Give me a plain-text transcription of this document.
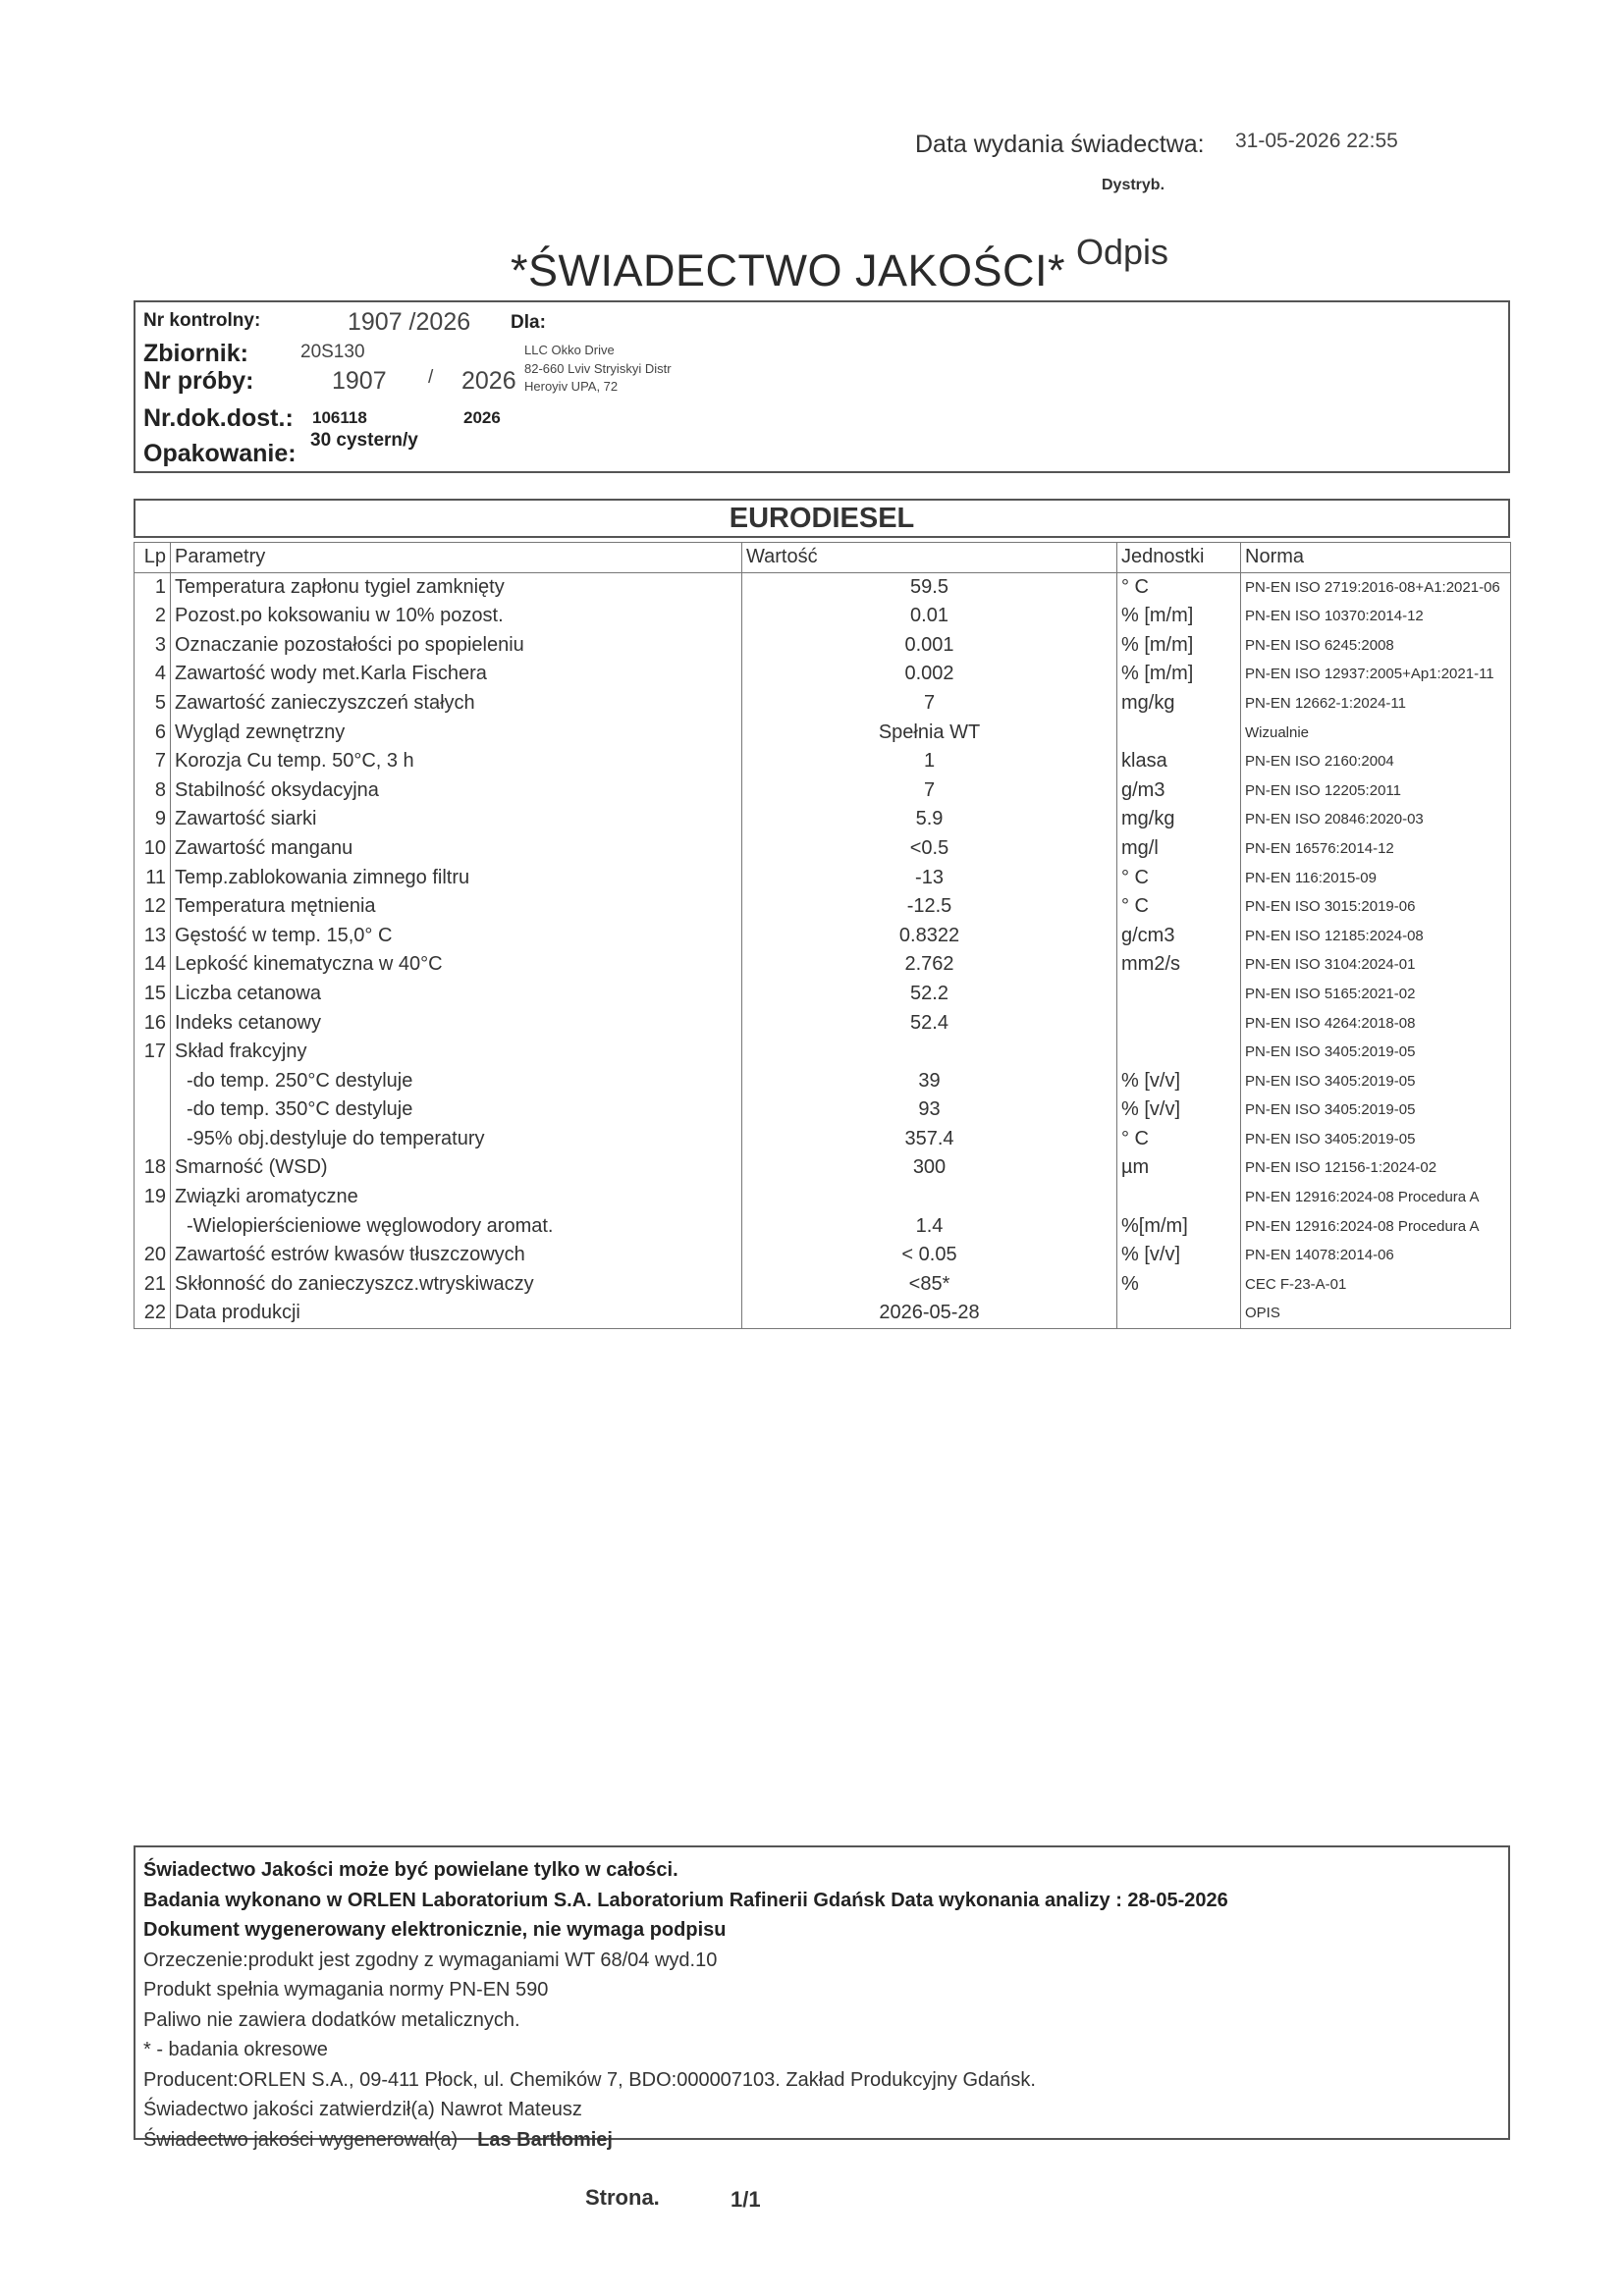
Data wydania świadectwa: 31-05-2026 22:55
Dystryb.
*ŚWIADECTWO JAKOŚCI* Odpis
Nr kontrolny:	1907 /2026 Dla:
Zbiornik:	20S130	LLC Okko Drive
82-660 Lviv Stryiskyi Distr
Heroyiv UPA, 72
Nr próby:	1907 / 2026
Nr.dok.dost.: 106118	2026
Opakowanie: 30 cystern/y
EURODIESEL
Lp	Parametry	Wartość	Jednostki	Norma
1	Temperatura zapłonu tygiel zamknięty	59.5	° C	PN-EN ISO 2719:2016-08+A1:2021-06
2	Pozost.po koksowaniu w 10% pozost.	0.01	% [m/m]	PN-EN ISO 10370:2014-12
3	Oznaczanie pozostałości po spopieleniu	0.001	% [m/m]	PN-EN ISO 6245:2008
4	Zawartość wody met.Karla Fischera	0.002	% [m/m]	PN-EN ISO 12937:2005+Ap1:2021-11
5	Zawartość zanieczyszczeń stałych	7	mg/kg	PN-EN 12662-1:2024-11
6	Wygląd zewnętrzny	Spełnia WT		Wizualnie
7	Korozja Cu temp. 50°C, 3 h	1	klasa	PN-EN ISO 2160:2004
8	Stabilność oksydacyjna	7	g/m3	PN-EN ISO 12205:2011
9	Zawartość siarki	5.9	mg/kg	PN-EN ISO 20846:2020-03
10	Zawartość manganu	<0.5	mg/l	PN-EN 16576:2014-12
11	Temp.zablokowania zimnego filtru	-13	° C	PN-EN 116:2015-09
12	Temperatura mętnienia	-12.5	° C	PN-EN ISO 3015:2019-06
13	Gęstość w temp. 15,0° C	0.8322	g/cm3	PN-EN ISO 12185:2024-08
14	Lepkość kinematyczna w 40°C	2.762	mm2/s	PN-EN ISO 3104:2024-01
15	Liczba cetanowa	52.2		PN-EN ISO 5165:2021-02
16	Indeks cetanowy	52.4		PN-EN ISO 4264:2018-08
17	Skład frakcyjny			PN-EN ISO 3405:2019-05
	-do temp. 250°C destyluje	39	% [v/v]	PN-EN ISO 3405:2019-05
	-do temp. 350°C destyluje	93	% [v/v]	PN-EN ISO 3405:2019-05
	-95% obj.destyluje do temperatury	357.4	° C	PN-EN ISO 3405:2019-05
18	Smarność (WSD)	300	µm	PN-EN ISO 12156-1:2024-02
19	Związki aromatyczne			PN-EN 12916:2024-08 Procedura A
	-Wielopierścieniowe węglowodory aromat.	1.4	%[m/m]	PN-EN 12916:2024-08 Procedura A
20	Zawartość estrów kwasów tłuszczowych	< 0.05	% [v/v]	PN-EN 14078:2014-06
21	Skłonność do zanieczyszcz.wtryskiwaczy	<85*	%	CEC F-23-A-01
22	Data produkcji	2026-05-28		OPIS
Świadectwo Jakości może być powielane tylko w całości.
Badania wykonano w ORLEN Laboratorium S.A. Laboratorium Rafinerii Gdańsk Data wykonania analizy : 28-05-2026
Dokument wygenerowany elektronicznie, nie wymaga podpisu
Orzeczenie:produkt jest zgodny z wymaganiami WT 68/04 wyd.10
Produkt spełnia wymagania normy PN-EN 590
Paliwo nie zawiera dodatków metalicznych.
* - badania okresowe
Producent:ORLEN S.A., 09-411 Płock, ul. Chemików 7, BDO:000007103. Zakład Produkcyjny Gdańsk.
Świadectwo jakości zatwierdził(a) Nawrot Mateusz
Świadectwo jakości wygenerował(a) Las Bartłomiej
Strona.	1/1
